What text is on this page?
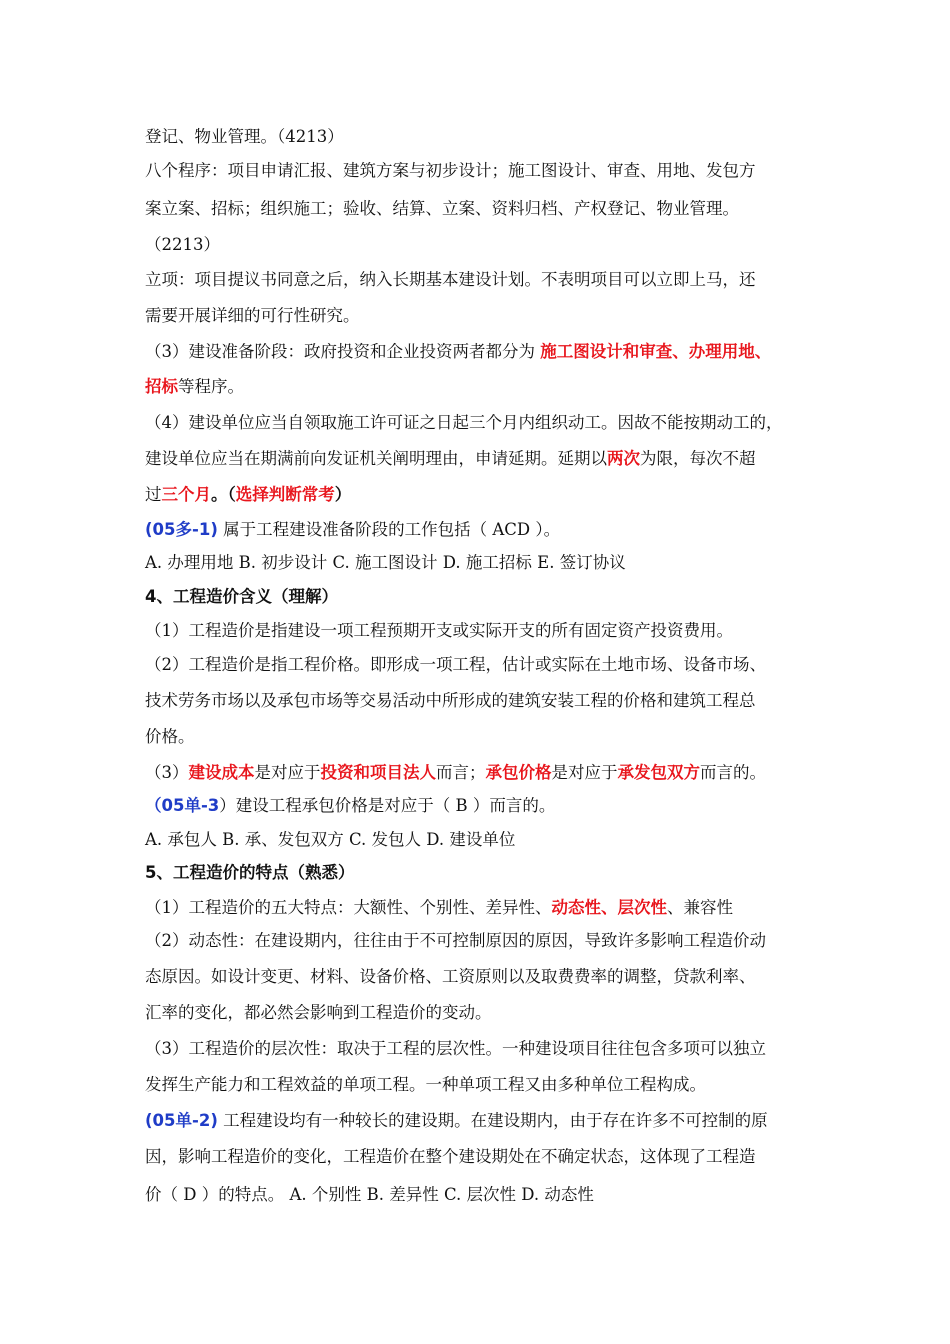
登记、物业管理。（4213）
八个程序：项目申请汇报、建筑方案与初步设计；施工图设计、审查、用地、发包方
案立案、招标；组织施工；验收、结算、立案、资料归档、产权登记、物业管理。
（2213）
立项：项目提议书同意之后，纳入长期基本建设计划。不表明项目可以立即上马，还
需要开展详细的可行性研究。
（3）建设准备阶段：政府投资和企业投资两者都分为 施工图设计和审查、办理用地、
招标等程序。
（4）建设单位应当自领取施工许可证之日起三个月内组织动工。因故不能按期动工的，
建设单位应当在期满前向发证机关阐明理由，申请延期。延期以两次为限，每次不超
过三个月。（选择判断常考）
(05多-1) 属于工程建设准备阶段的工作包括（ ACD ）。
A. 办理用地 B. 初步设计 C. 施工图设计 D. 施工招标 E. 签订协议
4、工程造价含义（理解）
（1）工程造价是指建设一项工程预期开支或实际开支的所有固定资产投资费用。
（2）工程造价是指工程价格。即形成一项工程，估计或实际在土地市场、设备市场、
技术劳务市场以及承包市场等交易活动中所形成的建筑安装工程的价格和建筑工程总
价格。
（3）建设成本是对应于投资和项目法人而言；承包价格是对应于承发包双方而言的。
（05单-3）建设工程承包价格是对应于（ B ）而言的。
A. 承包人 B. 承、发包双方 C. 发包人 D. 建设单位
5、工程造价的特点（熟悉）
（1）工程造价的五大特点：大额性、个别性、差异性、动态性、层次性、兼容性
（2）动态性：在建设期内，往往由于不可控制原因的原因，导致许多影响工程造价动
态原因。如设计变更、材料、设备价格、工资原则以及取费费率的调整，贷款利率、
汇率的变化，都必然会影响到工程造价的变动。
（3）工程造价的层次性：取决于工程的层次性。一种建设项目往往包含多项可以独立
发挥生产能力和工程效益的单项工程。一种单项工程又由多种单位工程构成。
(05单-2) 工程建设均有一种较长的建设期。在建设期内，由于存在许多不可控制的原
因，影响工程造价的变化，工程造价在整个建设期处在不确定状态，这体现了工程造
价（ D ）的特点。 A. 个别性 B. 差异性 C. 层次性 D. 动态性
